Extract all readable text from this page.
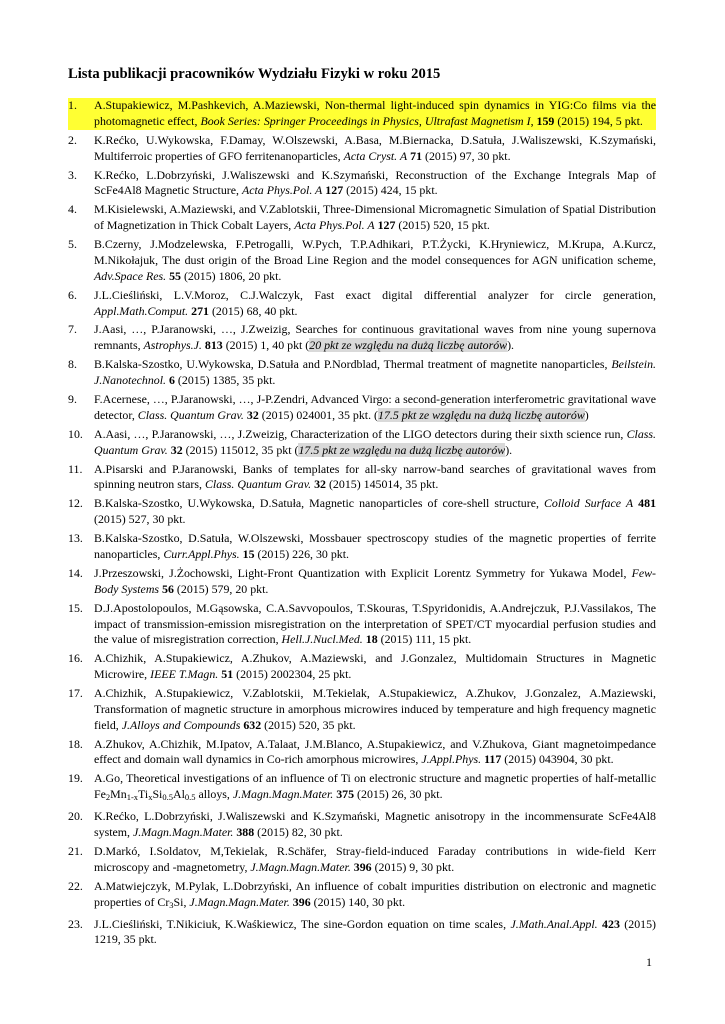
Lista publikacji pracowników Wydziału Fizyki w roku 2015
1. A.Stupakiewicz, M.Pashkevich, A.Maziewski, Non-thermal light-induced spin dynamics in YIG:Co films via the photomagnetic effect, Book Series: Springer Proceedings in Physics, Ultrafast Magnetism I, 159 (2015) 194, 5 pkt.
2. K.Rećko, U.Wykowska, F.Damay, W.Olszewski, A.Basa, M.Biernacka, D.Satuła, J.Waliszewski, K.Szymański, Multiferroic properties of GFO ferritenanoparticles, Acta Cryst. A 71 (2015) 97, 30 pkt.
3. K.Rećko, L.Dobrzyński, J.Waliszewski and K.Szymański, Reconstruction of the Exchange Integrals Map of ScFe4Al8 Magnetic Structure, Acta Phys.Pol. A 127 (2015) 424, 15 pkt.
4. M.Kisielewski, A.Maziewski, and V.Zablotskii, Three-Dimensional Micromagnetic Simulation of Spatial Distribution of Magnetization in Thick Cobalt Layers, Acta Phys.Pol. A 127 (2015) 520, 15 pkt.
5. B.Czerny, J.Modzelewska, F.Petrogalli, W.Pych, T.P.Adhikari, P.T.Życki, K.Hryniewicz, M.Krupa, A.Kurcz, M.Nikołajuk, The dust origin of the Broad Line Region and the model consequences for AGN unification scheme, Adv.Space Res. 55 (2015) 1806, 20 pkt.
6. J.L.Cieśliński, L.V.Moroz, C.J.Walczyk, Fast exact digital differential analyzer for circle generation, Appl.Math.Comput. 271 (2015) 68, 40 pkt.
7. J.Aasi, …, P.Jaranowski, …, J.Zweizig, Searches for continuous gravitational waves from nine young supernova remnants, Astrophys.J. 813 (2015) 1, 40 pkt (20 pkt ze względu na dużą liczbę autorów).
8. B.Kalska-Szostko, U.Wykowska, D.Satuła and P.Nordblad, Thermal treatment of magnetite nanoparticles, Beilstein. J.Nanotechnol. 6 (2015) 1385, 35 pkt.
9. F.Acernese, …, P.Jaranowski, …, J-P.Zendri, Advanced Virgo: a second-generation interferometric gravitational wave detector, Class. Quantum Grav. 32 (2015) 024001, 35 pkt. (17.5 pkt ze względu na dużą liczbę autorów)
10. A.Aasi, …, P.Jaranowski, …, J.Zweizig, Characterization of the LIGO detectors during their sixth science run, Class. Quantum Grav. 32 (2015) 115012, 35 pkt (17.5 pkt ze względu na dużą liczbę autorów).
11. A.Pisarski and P.Jaranowski, Banks of templates for all-sky narrow-band searches of gravitational waves from spinning neutron stars, Class. Quantum Grav. 32 (2015) 145014, 35 pkt.
12. B.Kalska-Szostko, U.Wykowska, D.Satuła, Magnetic nanoparticles of core-shell structure, Colloid Surface A 481 (2015) 527, 30 pkt.
13. B.Kalska-Szostko, D.Satuła, W.Olszewski, Mossbauer spectroscopy studies of the magnetic properties of ferrite nanoparticles, Curr.Appl.Phys. 15 (2015) 226, 30 pkt.
14. J.Przeszowski, J.Żochowski, Light-Front Quantization with Explicit Lorentz Symmetry for Yukawa Model, Few-Body Systems 56 (2015) 579, 20 pkt.
15. D.J.Apostolopoulos, M.Gąsowska, C.A.Savvopoulos, T.Skouras, T.Spyridonidis, A.Andrejczuk, P.J.Vassilakos, The impact of transmission-emission misregistration on the interpretation of SPET/CT myocardial perfusion studies and the value of misregistration correction, Hell.J.Nucl.Med. 18 (2015) 111, 15 pkt.
16. A.Chizhik, A.Stupakiewicz, A.Zhukov, A.Maziewski, and J.Gonzalez, Multidomain Structures in Magnetic Microwire, IEEE T.Magn. 51 (2015) 2002304, 25 pkt.
17. A.Chizhik, A.Stupakiewicz, V.Zablotskii, M.Tekielak, A.Stupakiewicz, A.Zhukov, J.Gonzalez, A.Maziewski, Transformation of magnetic structure in amorphous microwires induced by temperature and high frequency magnetic field, J.Alloys and Compounds 632 (2015) 520, 35 pkt.
18. A.Zhukov, A.Chizhik, M.Ipatov, A.Talaat, J.M.Blanco, A.Stupakiewicz, and V.Zhukova, Giant magnetoimpedance effect and domain wall dynamics in Co-rich amorphous microwires, J.Appl.Phys. 117 (2015) 043904, 30 pkt.
19. A.Go, Theoretical investigations of an influence of Ti on electronic structure and magnetic properties of half-metallic $Fe_2Mn_{1-x}Ti_xSi_{0.5}Al_{0.5}$ alloys, J.Magn.Magn.Mater. 375 (2015) 26, 30 pkt.
20. K.Rećko, L.Dobrzyński, J.Waliszewski and K.Szymański, Magnetic anisotropy in the incommensurate ScFe4Al8 system, J.Magn.Magn.Mater. 388 (2015) 82, 30 pkt.
21. D.Markó, I.Soldatov, M,Tekielak, R.Schäfer, Stray-field-induced Faraday contributions in wide-field Kerr microscopy and -magnetometry, J.Magn.Magn.Mater. 396 (2015) 9, 30 pkt.
22. A.Matwiejczyk, M.Pylak, L.Dobrzyński, An influence of cobalt impurities distribution on electronic and magnetic properties of $Cr_3Si$, J.Magn.Magn.Mater. 396 (2015) 140, 30 pkt.
23. J.L.Cieśliński, T.Nikiciuk, K.Waśkiewicz, The sine-Gordon equation on time scales, J.Math.Anal.Appl. 423 (2015) 1219, 35 pkt.
1
